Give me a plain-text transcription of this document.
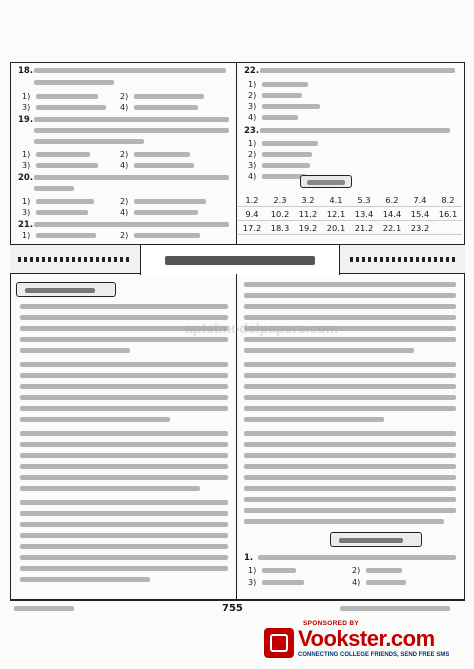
18.
1)	2)
3)	4)
19.
1)	2)
3)	4)
20.
1)	2)
3)	4)
21.
1)	2)
22.
1)
2)
3)
4)
23.
1)
2)
3)
4)
1.2	2.3	3.2	4.1	5.3	6.2	7.4	8.2
9.4	10.2	11.2	12.1	13.4	14.4	15.4	16.1
17.2	18.3	19.2	20.1	21.2	22.1	23.2
1.
1)	2)
3)	4)
aptetmodelpapers.com
755
SPONSORED BY
Vookster.com
CONNECTING COLLEGE FRIENDS, SEND FREE SMS
